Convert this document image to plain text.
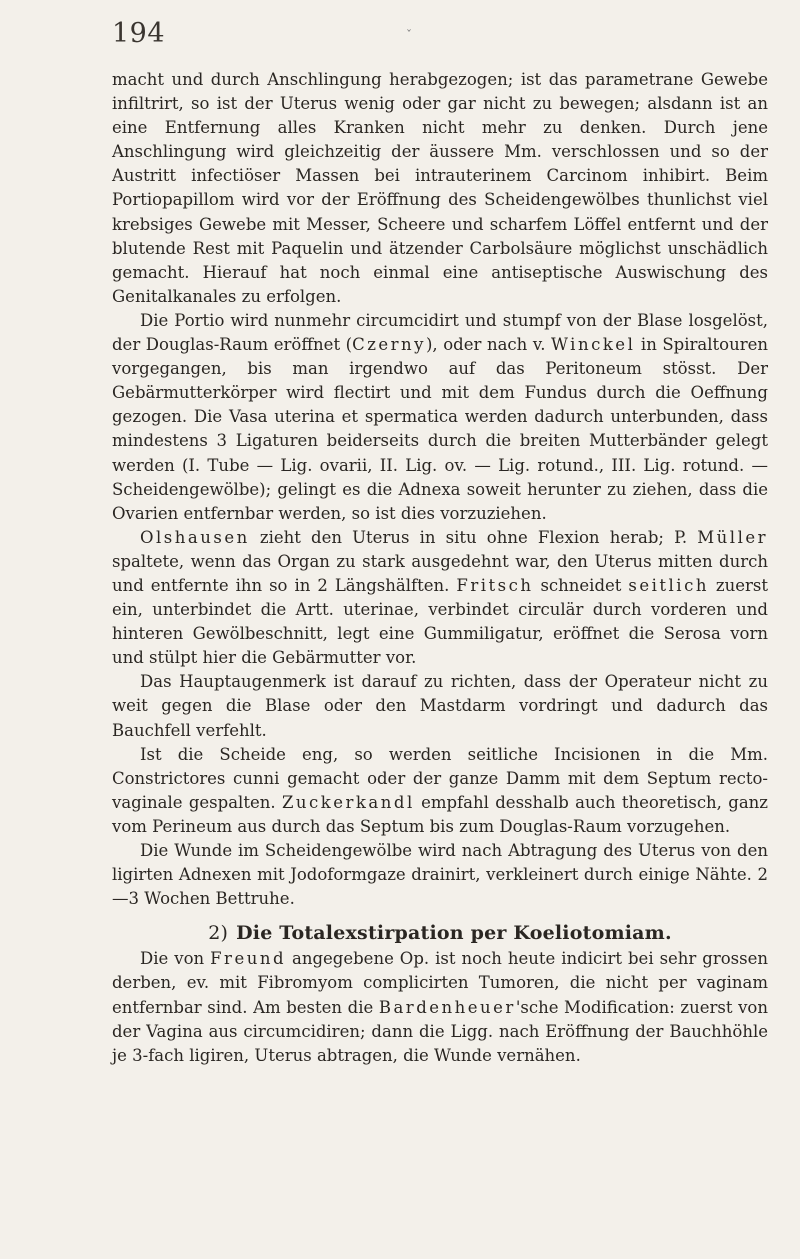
194	ˇ

macht und durch Anschlingung herabgezogen; ist das parametrane Gewebe infiltrirt, so ist der Uterus wenig oder gar nicht zu bewegen; alsdann ist an eine Entfernung alles Kranken nicht mehr zu denken. Durch jene Anschlingung wird gleichzeitig der äussere Mm. verschlossen und so der Austritt infectiöser Massen bei intrauterinem Carcinom inhibirt. Beim Portiopapillom wird vor der Eröffnung des Scheidengewölbes thunlichst viel krebsiges Gewebe mit Messer, Scheere und scharfem Löffel entfernt und der blutende Rest mit Paquelin und ätzender Carbolsäure möglichst unschädlich gemacht. Hierauf hat noch einmal eine antiseptische Auswischung des Genitalkanales zu erfolgen.

Die Portio wird nunmehr circumcidirt und stumpf von der Blase losgelöst, der Douglas-Raum eröffnet (Czerny), oder nach v. Winckel in Spiraltouren vorgegangen, bis man irgendwo auf das Peritoneum stösst. Der Gebärmutterkörper wird flectirt und mit dem Fundus durch die Oeffnung gezogen. Die Vasa uterina et spermatica werden dadurch unterbunden, dass mindestens 3 Ligaturen beiderseits durch die breiten Mutterbänder gelegt werden (I. Tube — Lig. ovarii, II. Lig. ov. — Lig. rotund., III. Lig. rotund. — Scheidengewölbe); gelingt es die Adnexa soweit herunter zu ziehen, dass die Ovarien entfernbar werden, so ist dies vorzuziehen.

Olshausen zieht den Uterus in situ ohne Flexion herab; P. Müller spaltete, wenn das Organ zu stark ausgedehnt war, den Uterus mitten durch und entfernte ihn so in 2 Längshälften. Fritsch schneidet seitlich zuerst ein, unterbindet die Artt. uterinae, verbindet circulär durch vorderen und hinteren Gewölbeschnitt, legt eine Gummiligatur, eröffnet die Serosa vorn und stülpt hier die Gebärmutter vor.

Das Hauptaugenmerk ist darauf zu richten, dass der Operateur nicht zu weit gegen die Blase oder den Mastdarm vordringt und dadurch das Bauchfell verfehlt.

Ist die Scheide eng, so werden seitliche Incisionen in die Mm. Constrictores cunni gemacht oder der ganze Damm mit dem Septum recto-vaginale gespalten. Zuckerkandl empfahl desshalb auch theoretisch, ganz vom Perineum aus durch das Septum bis zum Douglas-Raum vorzugehen.

Die Wunde im Scheidengewölbe wird nach Abtragung des Uterus von den ligirten Adnexen mit Jodoformgaze drainirt, verkleinert durch einige Nähte. 2—3 Wochen Bettruhe.

2) Die Totalexstirpation per Koeliotomiam.

Die von Freund angegebene Op. ist noch heute indicirt bei sehr grossen derben, ev. mit Fibromyom complicirten Tumoren, die nicht per vaginam entfernbar sind. Am besten die Bardenheuer'sche Modification: zuerst von der Vagina aus circumcidiren; dann die Ligg. nach Eröffnung der Bauchhöhle je 3-fach ligiren, Uterus abtragen, die Wunde vernähen.
